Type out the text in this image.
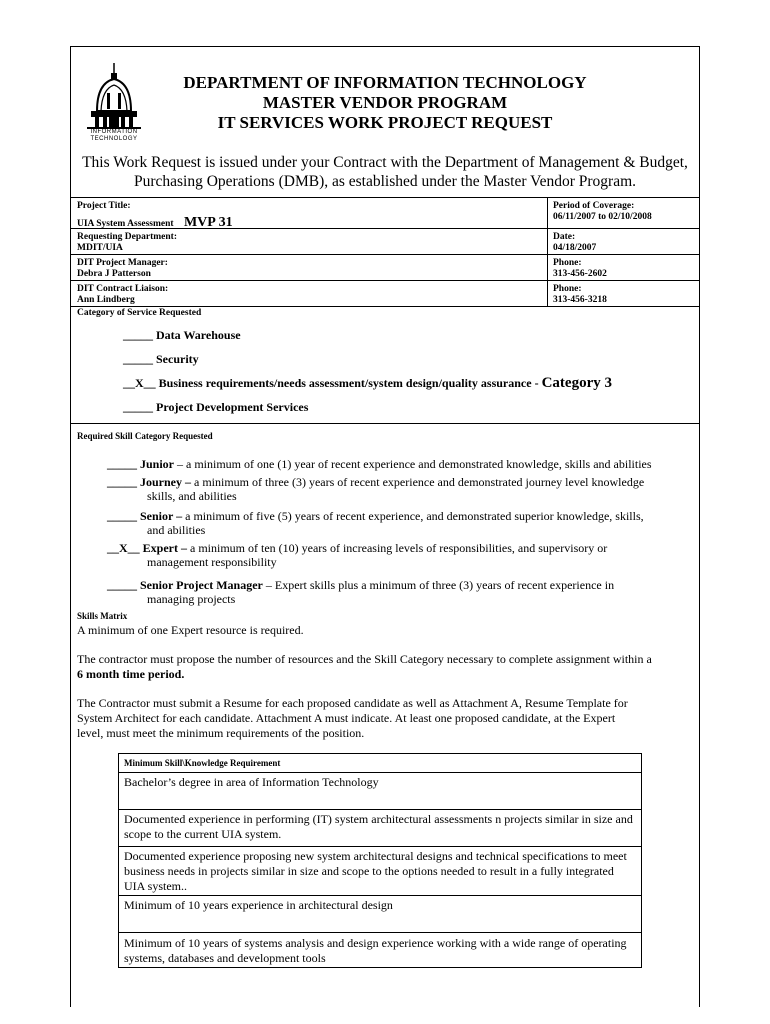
INFORMATION
TECHNOLOGY
DEPARTMENT OF INFORMATION TECHNOLOGY
MASTER VENDOR PROGRAM
IT SERVICES WORK PROJECT REQUEST
This Work Request is issued under your Contract with the Department of Management & Budget,
Purchasing Operations (DMB), as established under the Master Vendor Program.
Project Title:
UIA System Assessment MVP 31
Period of Coverage:
06/11/2007 to 02/10/2008
Requesting Department:
MDIT/UIA
Date:
04/18/2007
DIT Project Manager:
Debra J Patterson
Phone:
313-456-2602
DIT Contract Liaison:
Ann Lindberg
Phone:
313-456-3218
Category of Service Requested
_____ Data Warehouse
_____ Security
__X__ Business requirements/needs assessment/system design/quality assurance - Category 3
_____ Project Development Services
Required Skill Category Requested
_____ Junior – a minimum of one (1) year of recent experience and demonstrated knowledge, skills and abilities
_____ Journey – a minimum of three (3) years of recent experience and demonstrated journey level knowledge
skills, and abilities
_____ Senior – a minimum of five (5) years of recent experience, and demonstrated superior knowledge, skills,
and abilities
__X__ Expert – a minimum of ten (10) years of increasing levels of responsibilities, and supervisory or
management responsibility
_____ Senior Project Manager – Expert skills plus a minimum of three (3) years of recent experience in
managing projects
Skills Matrix
A minimum of one Expert resource is required.
The contractor must propose the number of resources and the Skill Category necessary to complete assignment within a
6 month time period.
The Contractor must submit a Resume for each proposed candidate as well as Attachment A, Resume Template for
System Architect for each candidate. Attachment A must indicate. At least one proposed candidate, at the Expert
level, must meet the minimum requirements of the position.
Minimum Skill\Knowledge Requirement
Bachelor’s degree in area of Information Technology
Documented experience in performing (IT) system architectural assessments n projects similar in size and scope to the current UIA system.
Documented experience proposing new system architectural designs and technical specifications to meet business needs in projects similar in size and scope to the options needed to result in a fully integrated UIA system..
Minimum of 10 years experience in architectural design
Minimum of 10 years of systems analysis and design experience working with a wide range of operating systems, databases and development tools
